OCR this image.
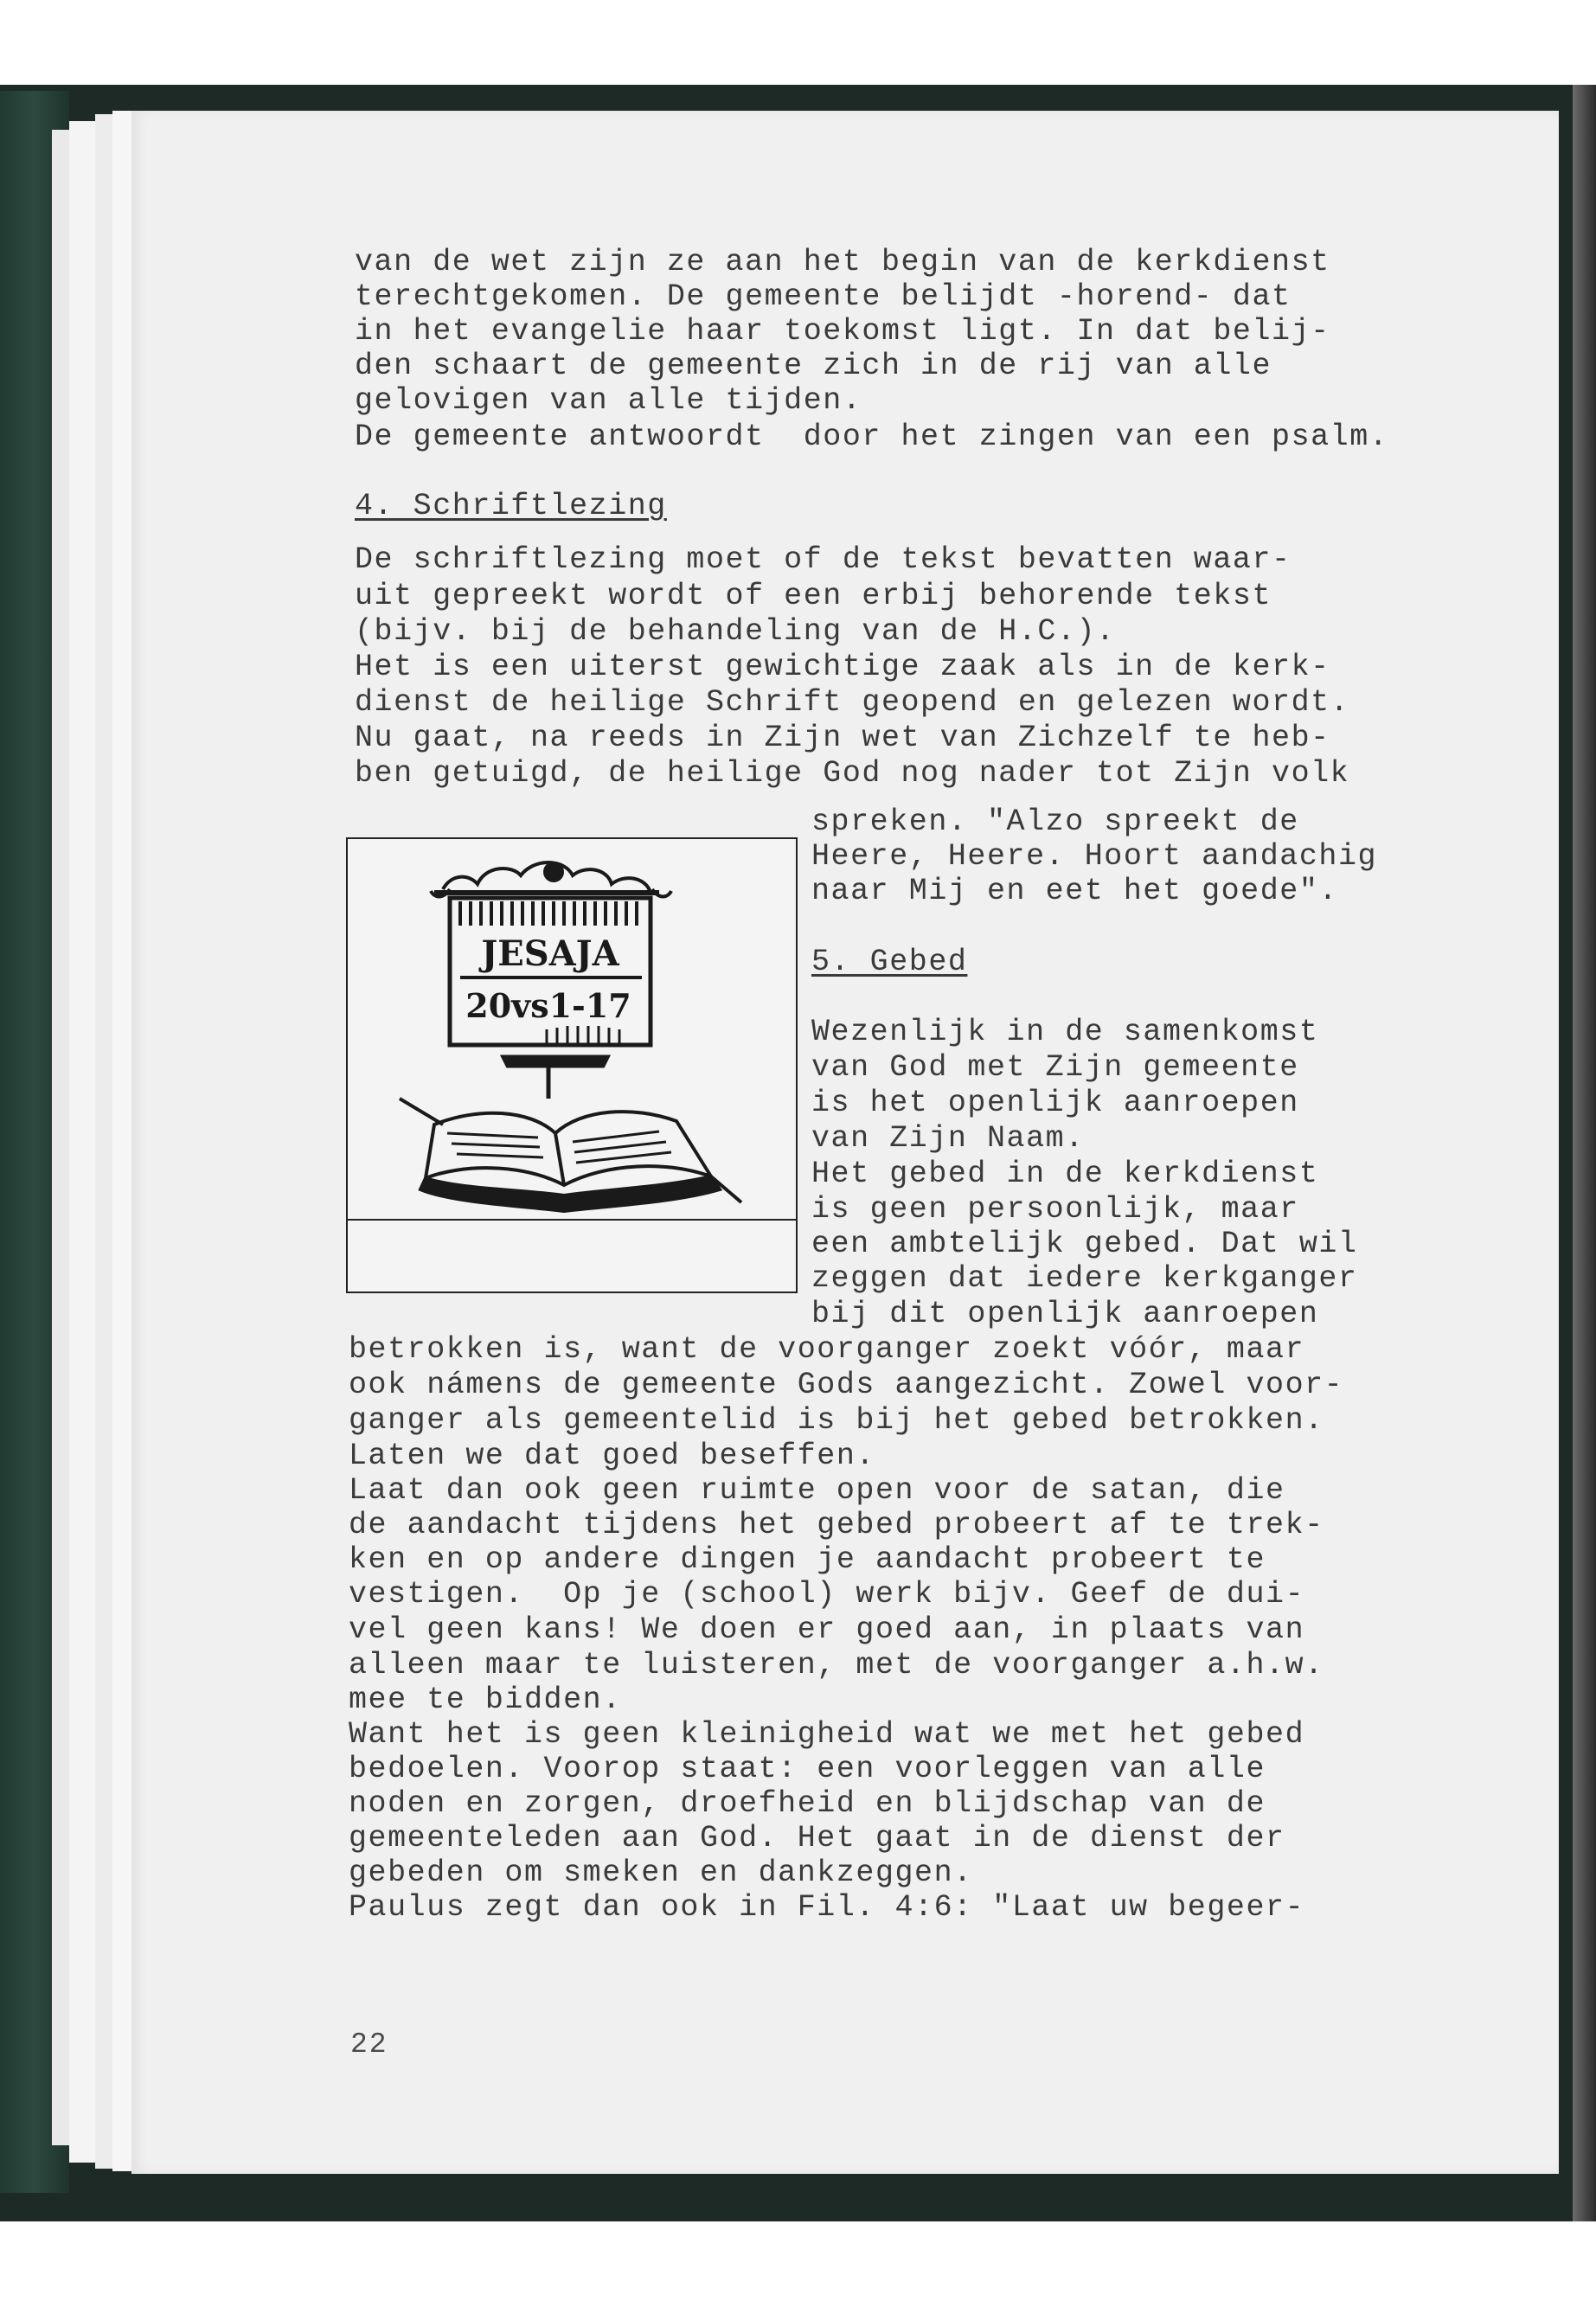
van de wet zijn ze aan het begin van de kerkdienst
terechtgekomen. De gemeente belijdt -horend- dat
in het evangelie haar toekomst ligt. In dat belij-
den schaart de gemeente zich in de rij van alle
gelovigen van alle tijden.
De gemeente antwoordt  door het zingen van een psalm.
4. Schriftlezing
De schriftlezing moet of de tekst bevatten waar-
uit gepreekt wordt of een erbij behorende tekst
(bijv. bij de behandeling van de H.C.).
Het is een uiterst gewichtige zaak als in de kerk-
dienst de heilige Schrift geopend en gelezen wordt.
Nu gaat, na reeds in Zijn wet van Zichzelf te heb-
ben getuigd, de heilige God nog nader tot Zijn volk
JESAJA
20vs1-17
spreken. "Alzo spreekt de
Heere, Heere. Hoort aandachig
naar Mij en eet het goede".
5. Gebed
Wezenlijk in de samenkomst
van God met Zijn gemeente
is het openlijk aanroepen
van Zijn Naam.
Het gebed in de kerkdienst
is geen persoonlijk, maar
een ambtelijk gebed. Dat wil
zeggen dat iedere kerkganger
bij dit openlijk aanroepen
betrokken is, want de voorganger zoekt vóór, maar
ook námens de gemeente Gods aangezicht. Zowel voor-
ganger als gemeentelid is bij het gebed betrokken.
Laten we dat goed beseffen.
Laat dan ook geen ruimte open voor de satan, die
de aandacht tijdens het gebed probeert af te trek-
ken en op andere dingen je aandacht probeert te
vestigen.  Op je (school) werk bijv. Geef de dui-
vel geen kans! We doen er goed aan, in plaats van
alleen maar te luisteren, met de voorganger a.h.w.
mee te bidden.
Want het is geen kleinigheid wat we met het gebed
bedoelen. Voorop staat: een voorleggen van alle
noden en zorgen, droefheid en blijdschap van de
gemeenteleden aan God. Het gaat in de dienst der
gebeden om smeken en dankzeggen.
Paulus zegt dan ook in Fil. 4:6: "Laat uw begeer-
22
